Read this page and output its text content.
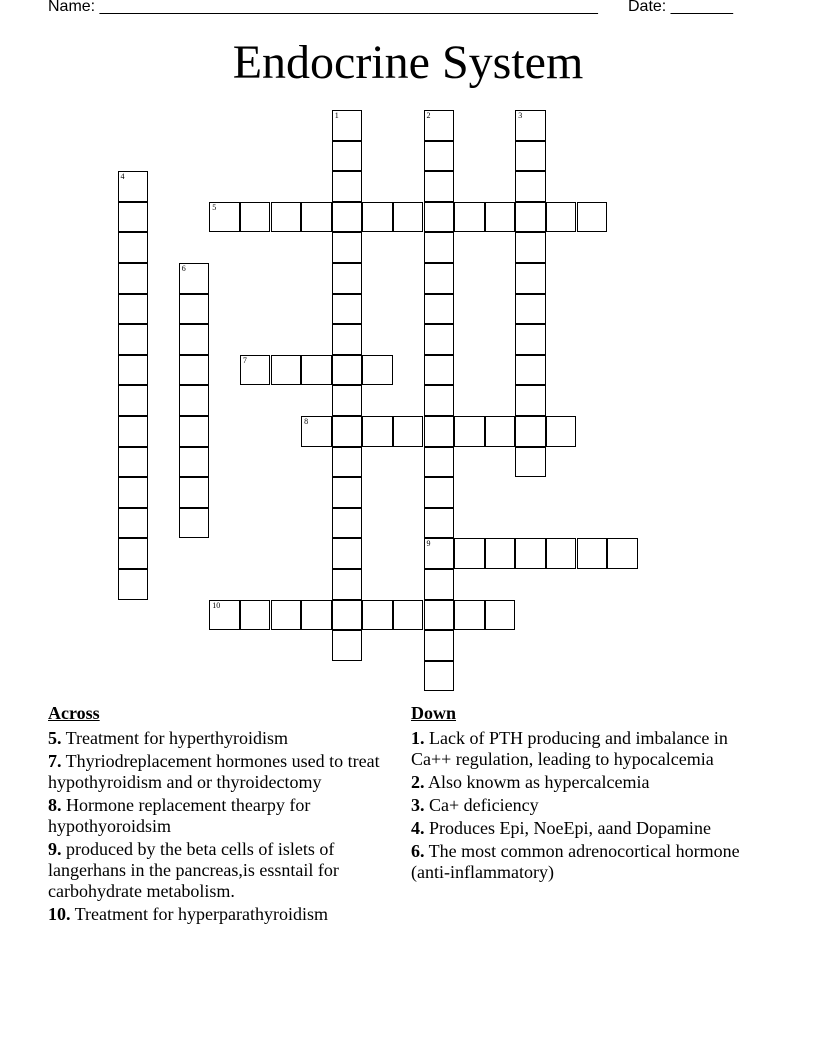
Name: ________________________________________________________ Date: _______
Endocrine System
1	2
9
3
4
5
6
7
8
10
Across
5. Treatment for hyperthyroidism
7. Thyriodreplacement hormones used to treat hypothyroidism and or thyroidectomy
8. Hormone replacement thearpy for hypothyoroidsim
9. produced by the beta cells of islets of langerhans in the pancreas,is essntail for carbohydrate metabolism.
10. Treatment for hyperparathyroidism
Down
1. Lack of PTH producing and imbalance in Ca++ regulation, leading to hypocalcemia
2. Also knowm as hypercalcemia
3. Ca+ deficiency
4. Produces Epi, NoeEpi, aand Dopamine
6. The most common adrenocortical hormone (anti-inflammatory)
